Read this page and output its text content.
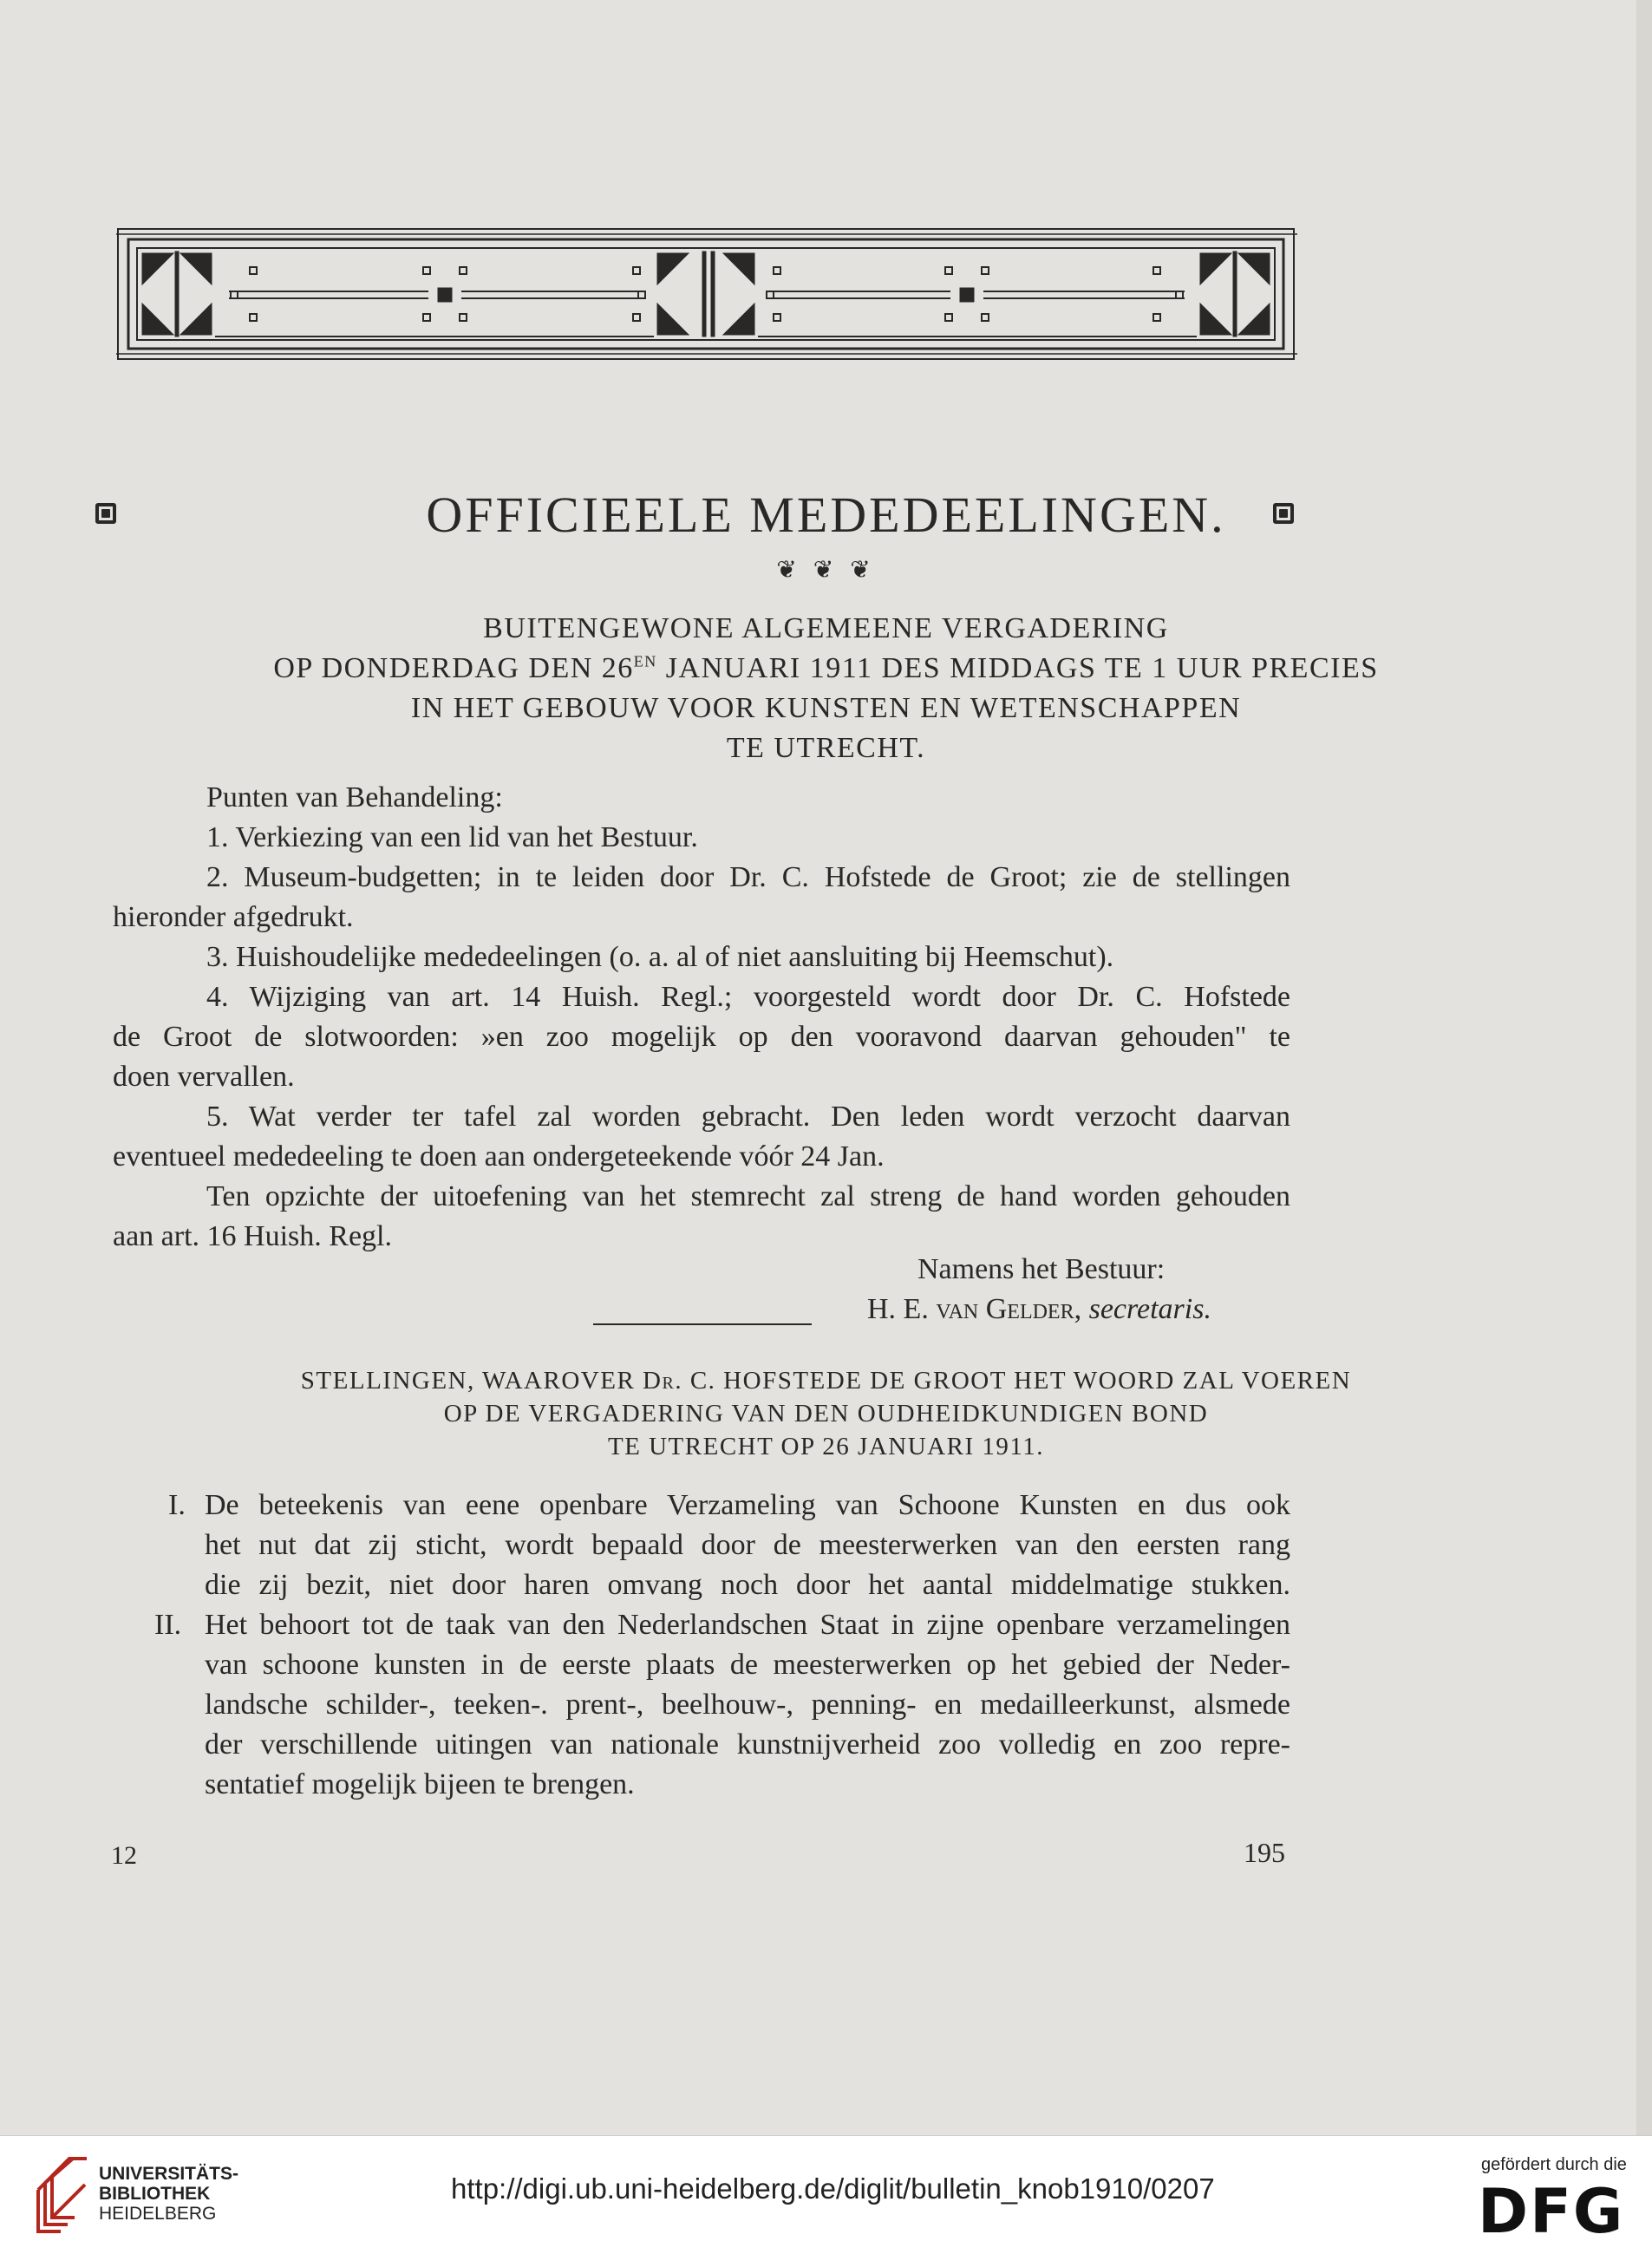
OFFICIEELE MEDEDEELINGEN.
❦ ❦ ❦
BUITENGEWONE ALGEMEENE VERGADERING
OP DONDERDAG DEN $26^{EN}$ JANUARI 1911 DES MIDDAGS TE 1 UUR PRECIES
IN HET GEBOUW VOOR KUNSTEN EN WETENSCHAPPEN
TE UTRECHT.
Punten van Behandeling:
1. Verkiezing van een lid van het Bestuur.
2. Museum-budgetten; in te leiden door Dr. C. Hofstede de Groot; zie de stellingen
hieronder afgedrukt.
3. Huishoudelijke mededeelingen (o. a. al of niet aansluiting bij Heemschut).
4. Wijziging van art. 14 Huish. Regl.; voorgesteld wordt door Dr. C. Hofstede
de Groot de slotwoorden: »en zoo mogelijk op den vooravond daarvan gehouden" te
doen vervallen.
5. Wat verder ter tafel zal worden gebracht. Den leden wordt verzocht daarvan
eventueel mededeeling te doen aan ondergeteekende vóór 24 Jan.
Ten opzichte der uitoefening van het stemrecht zal streng de hand worden gehouden
aan art. 16 Huish. Regl.
Namens het Bestuur:
H. E. van Gelder, secretaris.
STELLINGEN, WAAROVER Dr. C. HOFSTEDE DE GROOT HET WOORD ZAL VOEREN
OP DE VERGADERING VAN DEN OUDHEIDKUNDIGEN BOND
TE UTRECHT OP 26 JANUARI 1911.
I. De beteekenis van eene openbare Verzameling van Schoone Kunsten en dus ook
het nut dat zij sticht, wordt bepaald door de meesterwerken van den eersten rang
die zij bezit, niet door haren omvang noch door het aantal middelmatige stukken.
II. Het behoort tot de taak van den Nederlandschen Staat in zijne openbare verzamelingen
van schoone kunsten in de eerste plaats de meesterwerken op het gebied der Neder-
landsche schilder-, teeken-. prent-, beelhouw-, penning- en medailleerkunst, alsmede
der verschillende uitingen van nationale kunstnijverheid zoo volledig en zoo repre-
sentatief mogelijk bijeen te brengen.
12	195
UNIVERSITÄTS-
BIBLIOTHEK
HEIDELBERG
http://digi.ub.uni-heidelberg.de/diglit/bulletin_knob1910/0207
gefördert durch die
DFG
